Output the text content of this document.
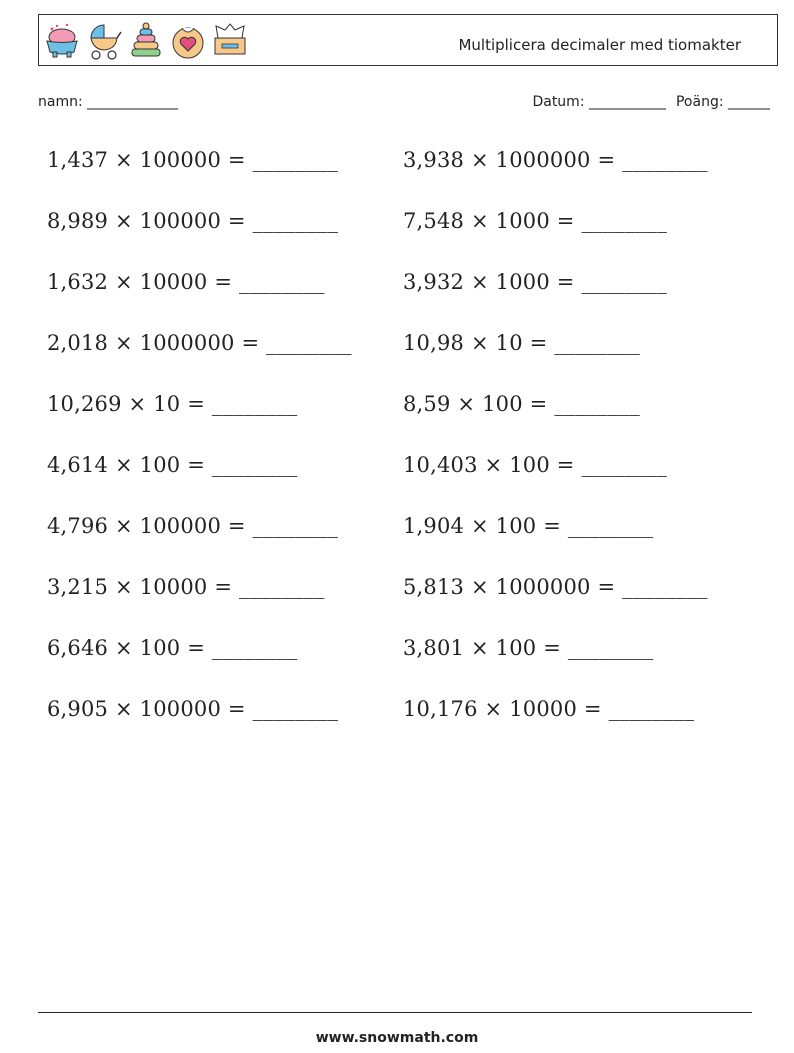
Multiplicera decimaler med tiomakter
namn: _____________	Datum: ___________ Poäng: ______
1,437 × 100000 = ________	3,938 × 1000000 = ________
8,989 × 100000 = ________	7,548 × 1000 = ________
1,632 × 10000 = ________	3,932 × 1000 = ________
2,018 × 1000000 = ________ 10,98 × 10 = ________
10,269 × 10 = ________	8,59 × 100 = ________
4,614 × 100 = ________	10,403 × 100 = ________
4,796 × 100000 = ________	1,904 × 100 = ________
3,215 × 10000 = ________	5,813 × 1000000 = ________
6,646 × 100 = ________	3,801 × 100 = ________
6,905 × 100000 = ________	10,176 × 10000 = ________
www.snowmath.com
